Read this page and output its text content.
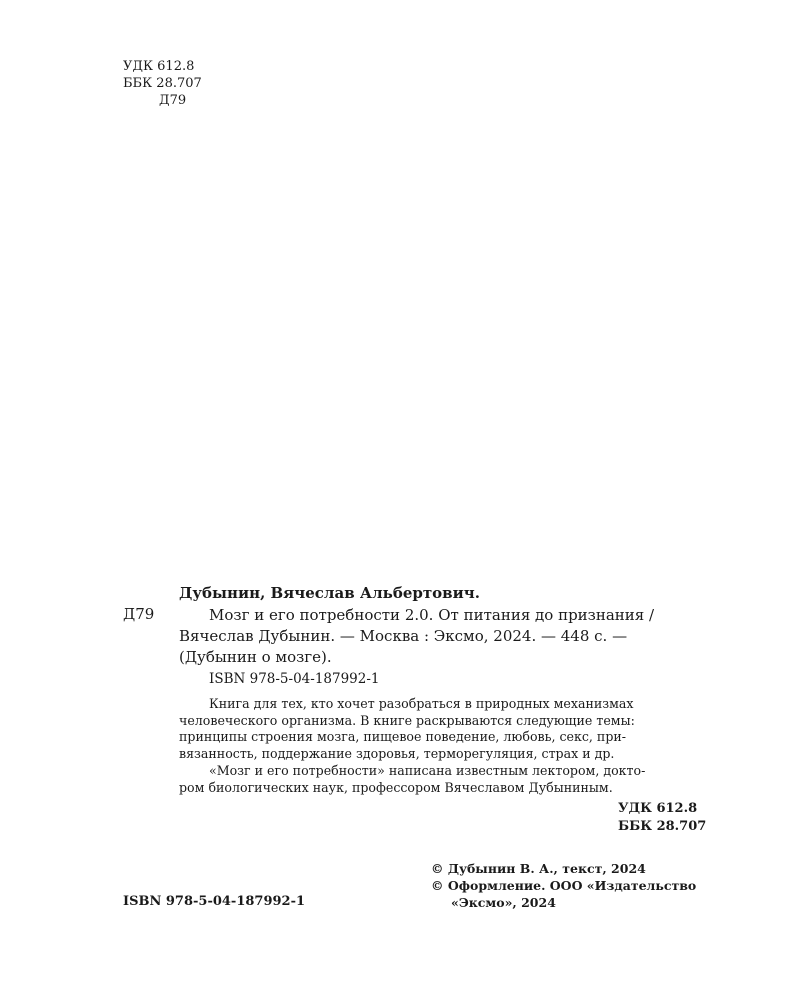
УДК 612.8
ББК 28.707
Д79
Дубынин, Вячеслав Альбертович.
Д79	Мозг и его потребности 2.0. От питания до признания /
Вячеслав Дубынин. — Москва : Эксмо, 2024. — 448 с. —
(Дубынин о мозге).
ISBN 978-5-04-187992-1
Книга для тех, кто хочет разобраться в природных механизмах
человеческого организма. В книге раскрываются следующие темы:
принципы строения мозга, пищевое поведение, любовь, секс, при-
вязанность, поддержание здоровья, терморегуляция, страх и др.
«Мозг и его потребности» написана известным лектором, докто-
ром биологических наук, профессором Вячеславом Дубыниным.
УДК 612.8
ББК 28.707
© Дубынин В. А., текст, 2024
© Оформление. ООО «Издательство
«Эксмо», 2024
ISBN 978-5-04-187992-1
